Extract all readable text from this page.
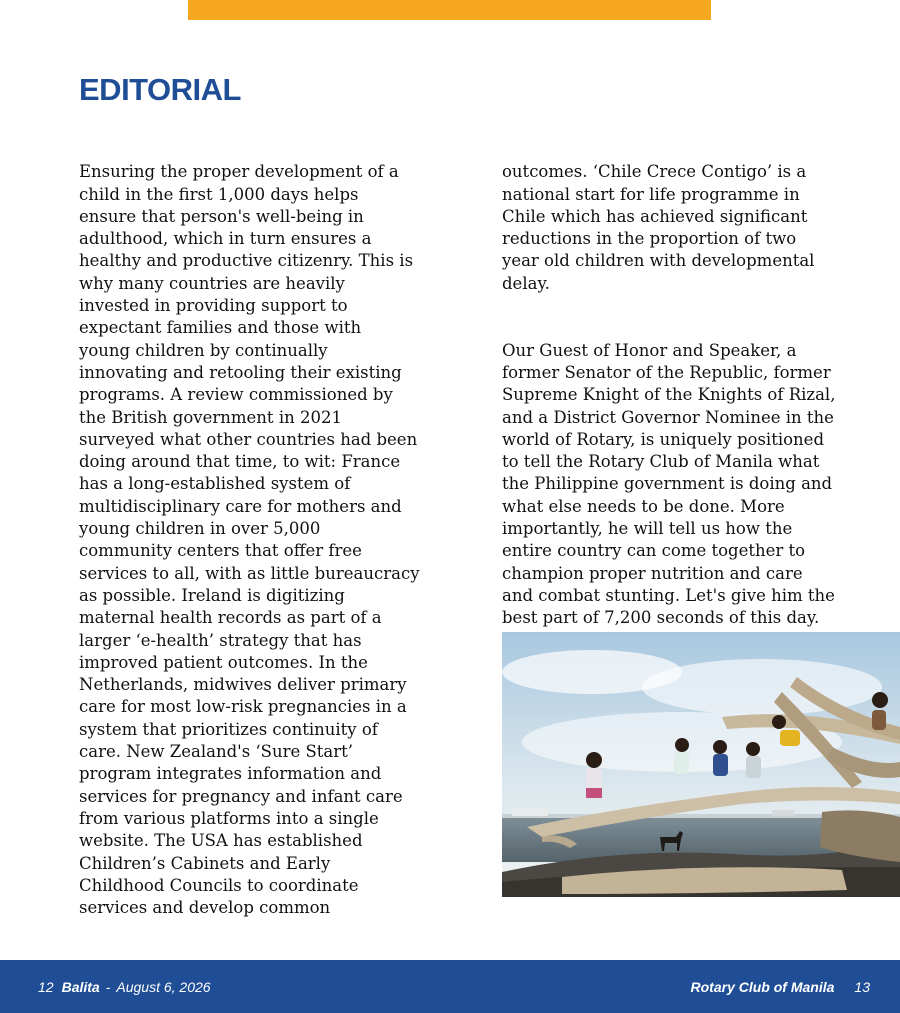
EDITORIAL

Ensuring the proper development of a
child in the first 1,000 days helps
ensure that person's well-being in
adulthood, which in turn ensures a
healthy and productive citizenry. This is
why many countries are heavily
invested in providing support to
expectant families and those with
young children by continually
innovating and retooling their existing
programs. A review commissioned by
the British government in 2021
surveyed what other countries had been
doing around that time, to wit: France
has a long-established system of
multidisciplinary care for mothers and
young children in over 5,000
community centers that offer free
services to all, with as little bureaucracy
as possible. Ireland is digitizing
maternal health records as part of a
larger ‘e-health’ strategy that has
improved patient outcomes. In the
Netherlands, midwives deliver primary
care for most low-risk pregnancies in a
system that prioritizes continuity of
care. New Zealand's ‘Sure Start’
program integrates information and
services for pregnancy and infant care
from various platforms into a single
website. The USA has established
Children’s Cabinets and Early
Childhood Councils to coordinate
services and develop common

outcomes. ‘Chile Crece Contigo’ is a
national start for life programme in
Chile which has achieved significant
reductions in the proportion of two
year old children with developmental
delay.

Our Guest of Honor and Speaker, a
former Senator of the Republic, former
Supreme Knight of the Knights of Rizal,
and a District Governor Nominee in the
world of Rotary, is uniquely positioned
to tell the Rotary Club of Manila what
the Philippine government is doing and
what else needs to be done. More
importantly, he will tell us how the
entire country can come together to
champion proper nutrition and care
and combat stunting. Let's give him the
best part of 7,200 seconds of this day.

12 Balita - August 6, 2026	Rotary Club of Manila 13
